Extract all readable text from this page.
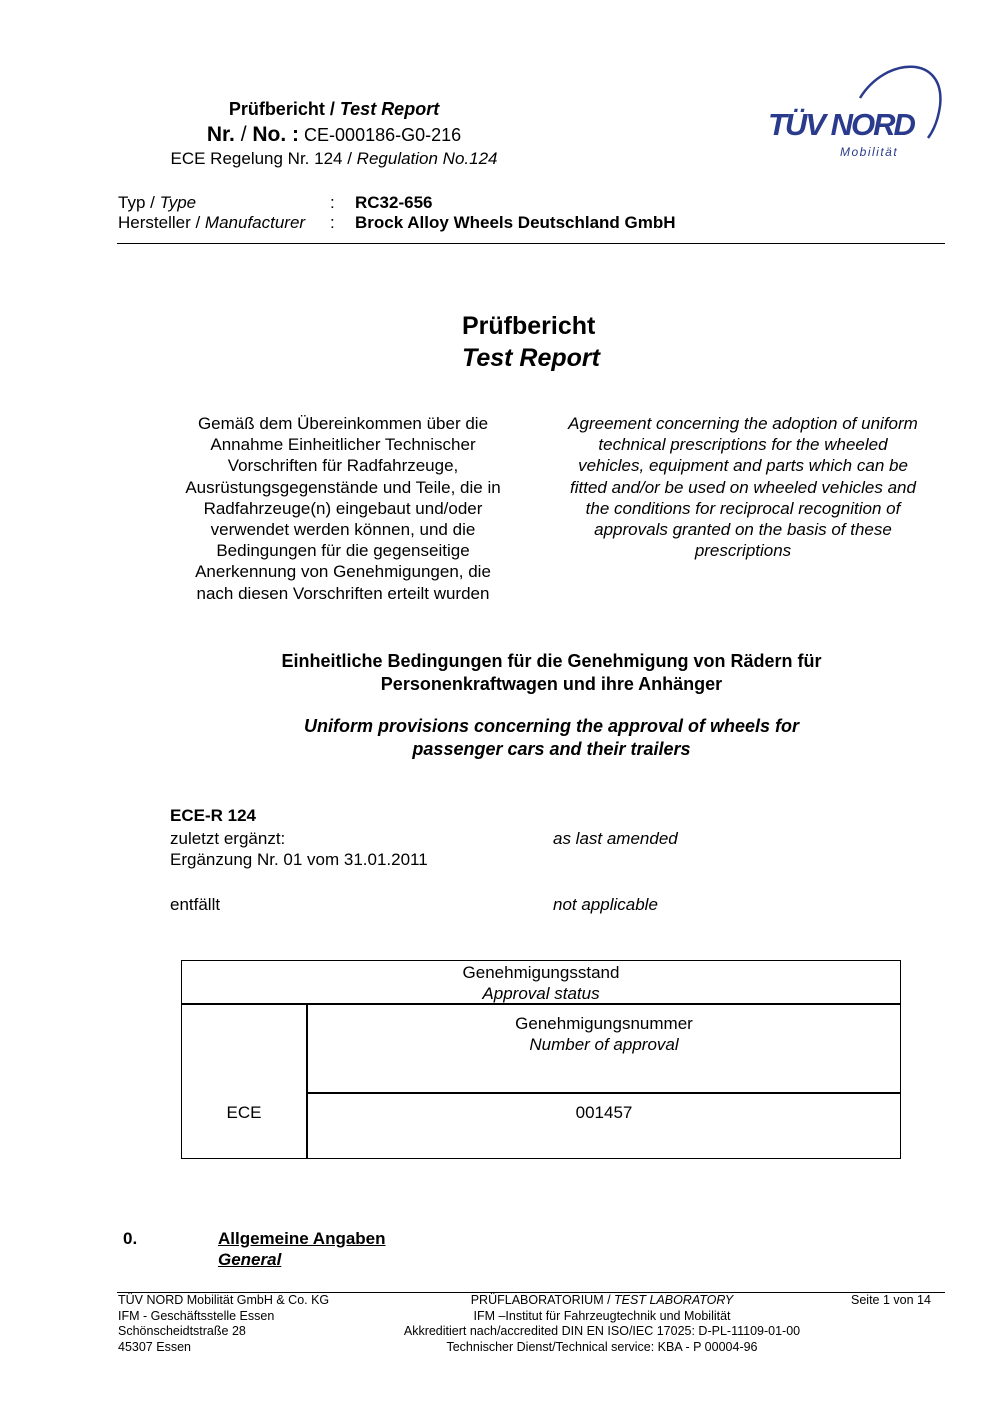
Prüfbericht / Test Report
Nr. / No. : CE-000186-G0-216
ECE Regelung Nr. 124 / Regulation No.124
TÜV NORD
Mobilität
Typ / Type	: RC32-656
Hersteller / Manufacturer : Brock Alloy Wheels Deutschland GmbH
Prüfbericht
Test Report
Gemäß dem Übereinkommen über die
Annahme Einheitlicher Technischer
Vorschriften für Radfahrzeuge,
Ausrüstungsgegenstände und Teile, die in
Radfahrzeuge(n) eingebaut und/oder
verwendet werden können, und die
Bedingungen für die gegenseitige
Anerkennung von Genehmigungen, die
nach diesen Vorschriften erteilt wurden
Agreement concerning the adoption of uniform
technical prescriptions for the wheeled
vehicles, equipment and parts which can be
fitted and/or be used on wheeled vehicles and
the conditions for reciprocal recognition of
approvals granted on the basis of these
prescriptions
Einheitliche Bedingungen für die Genehmigung von Rädern für
Personenkraftwagen und ihre Anhänger
Uniform provisions concerning the approval of wheels for
passenger cars and their trailers
ECE-R 124
zuletzt ergänzt:	as last amended
Ergänzung Nr. 01 vom 31.01.2011
entfällt	not applicable
Genehmigungsstand
Approval status
Genehmigungsnummer
Number of approval
ECE	001457
0.	Allgemeine Angaben
General
TÜV NORD Mobilität GmbH & Co. KG
IFM - Geschäftsstelle Essen
Schönscheidtstraße 28
45307 Essen
PRÜFLABORATORIUM / TEST LABORATORY
IFM –Institut für Fahrzeugtechnik und Mobilität
Akkreditiert nach/accredited DIN EN ISO/IEC 17025: D-PL-11109-01-00
Technischer Dienst/Technical service: KBA - P 00004-96
Seite 1 von 14
